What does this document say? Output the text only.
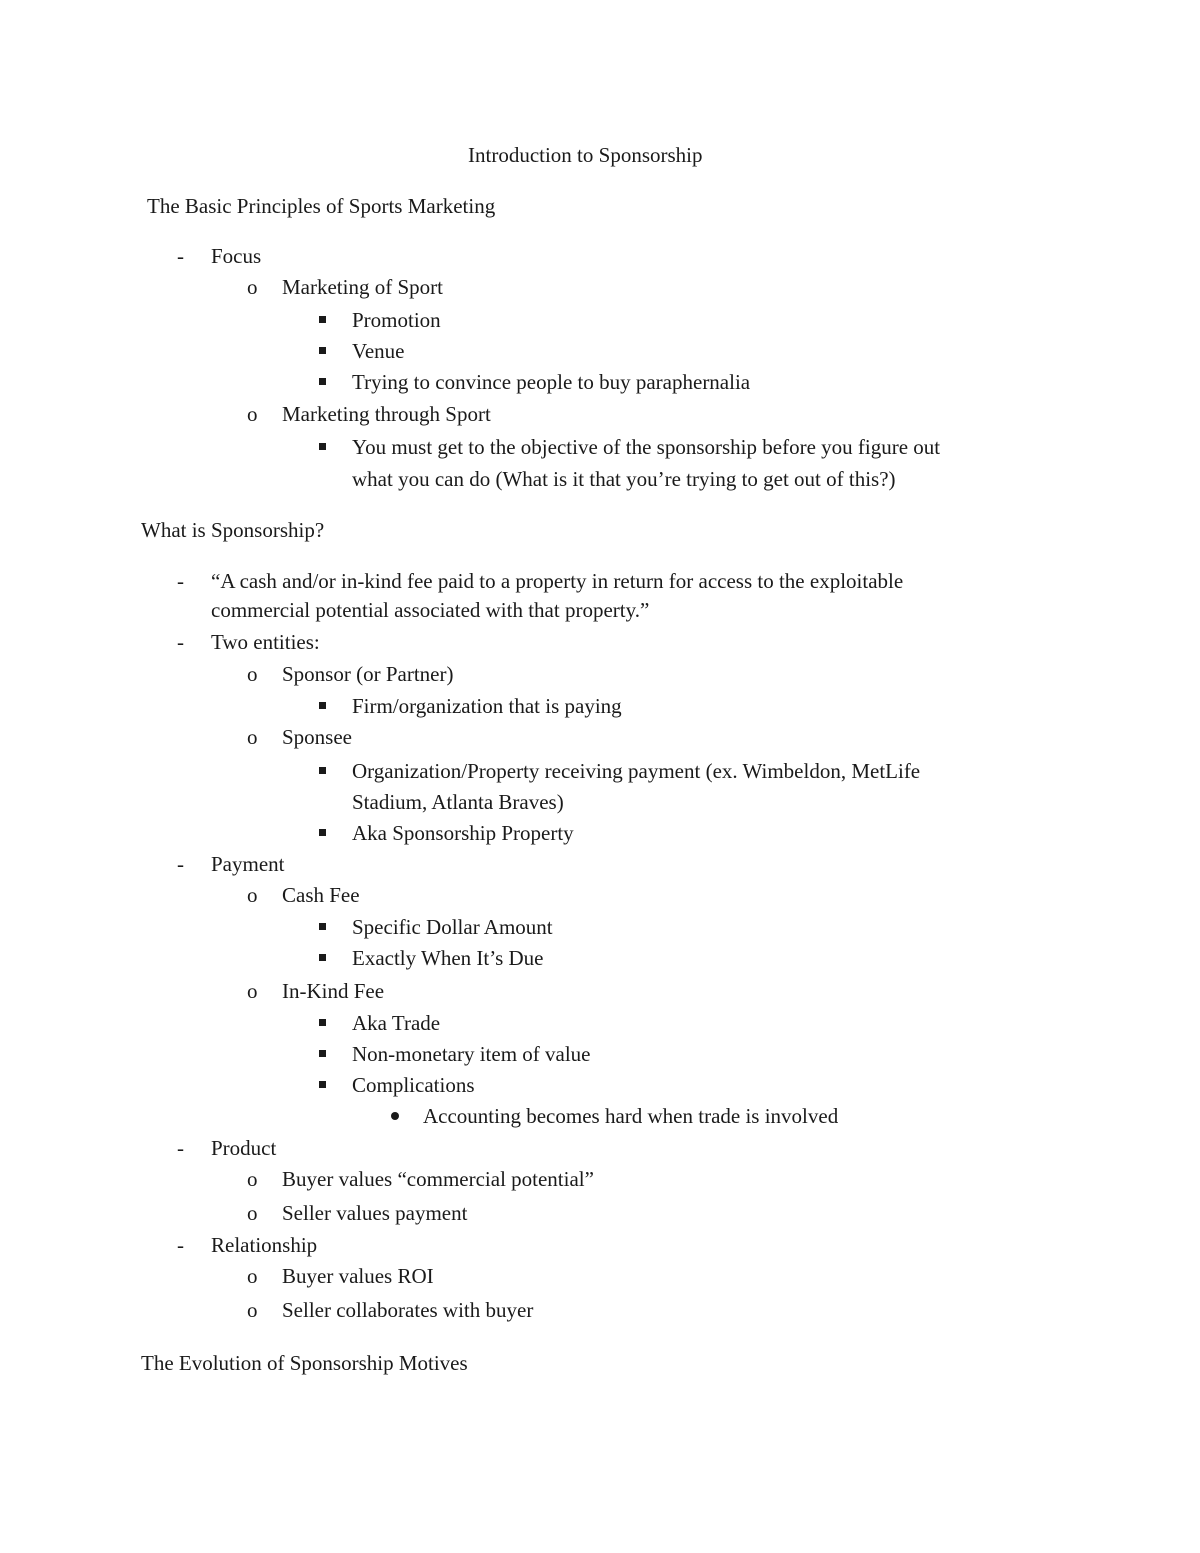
Introduction to Sponsorship
The Basic Principles of Sports Marketing
- Focus
o Marketing of Sport
Promotion
Venue
Trying to convince people to buy paraphernalia
o Marketing through Sport
You must get to the objective of the sponsorship before you figure out
what you can do (What is it that you’re trying to get out of this?)
What is Sponsorship?
- “A cash and/or in-kind fee paid to a property in return for access to the exploitable
commercial potential associated with that property.”
- Two entities:
o Sponsor (or Partner)
Firm/organization that is paying
o Sponsee
Organization/Property receiving payment (ex. Wimbeldon, MetLife
Stadium, Atlanta Braves)
Aka Sponsorship Property
- Payment
o Cash Fee
Specific Dollar Amount
Exactly When It’s Due
o In-Kind Fee
Aka Trade
Non-monetary item of value
Complications
Accounting becomes hard when trade is involved
- Product
o Buyer values “commercial potential”
o Seller values payment
- Relationship
o Buyer values ROI
o Seller collaborates with buyer
The Evolution of Sponsorship Motives
